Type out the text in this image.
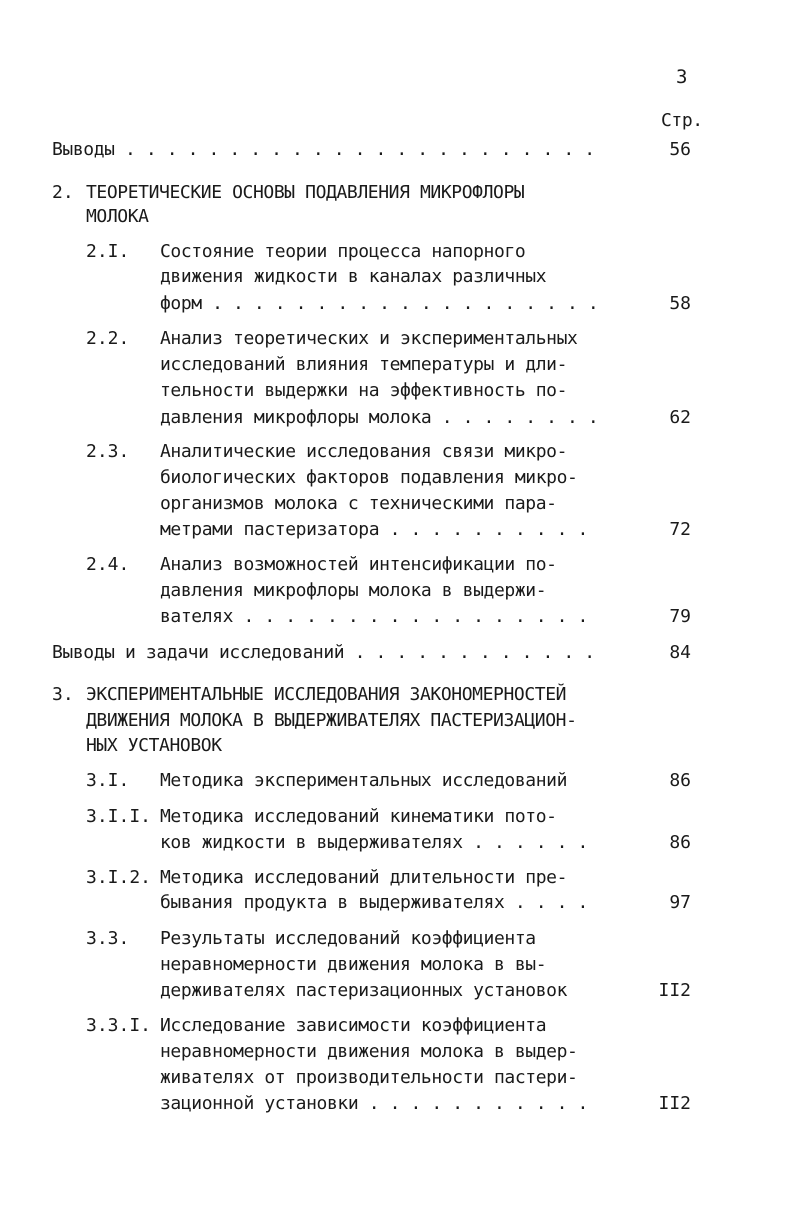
3
Стр.
Выводы . . . . . . . . . . . . . . . . . . . . . . .	56
2. ТЕОРЕТИЧЕСКИЕ ОСНОВЫ ПОДАВЛЕНИЯ МИКРОФЛОРЫ
МОЛОКА
2.I. Состояние теории процесса напорного
движения жидкости в каналах различных
форм . . . . . . . . . . . . . . . . . . .	58
2.2. Анализ теоретических и экспериментальных
исследований влияния температуры и дли-
тельности выдержки на эффективность по-
давления микрофлоры молока . . . . . . . .	62
2.3. Аналитические исследования связи микро-
биологических факторов подавления микро-
организмов молока с техническими пара-
метрами пастеризатора . . . . . . . . . .	72
2.4. Анализ возможностей интенсификации по-
давления микрофлоры молока в выдержи-
вателях . . . . . . . . . . . . . . . . .	79
Выводы и задачи исследований . . . . . . . . . . . .	84
3. ЭКСПЕРИМЕНТАЛЬНЫЕ ИССЛЕДОВАНИЯ ЗАКОНОМЕРНОСТЕЙ
ДВИЖЕНИЯ МОЛОКА В ВЫДЕРЖИВАТЕЛЯХ ПАСТЕРИЗАЦИОН-
НЫХ УСТАНОВОК
3.I. Методика экспериментальных исследований	86
3.I.I. Методика исследований кинематики пото-
ков жидкости в выдерживателях . . . . . .	86
3.I.2. Методика исследований длительности пре-
бывания продукта в выдерживателях . . . .	97
3.3. Результаты исследований коэффициента
неравномерности движения молока в вы-
держивателях пастеризационных установок	II2
3.3.I. Исследование зависимости коэффициента
неравномерности движения молока в выдер-
живателях от производительности пастери-
зационной установки . . . . . . . . . . .	II2
